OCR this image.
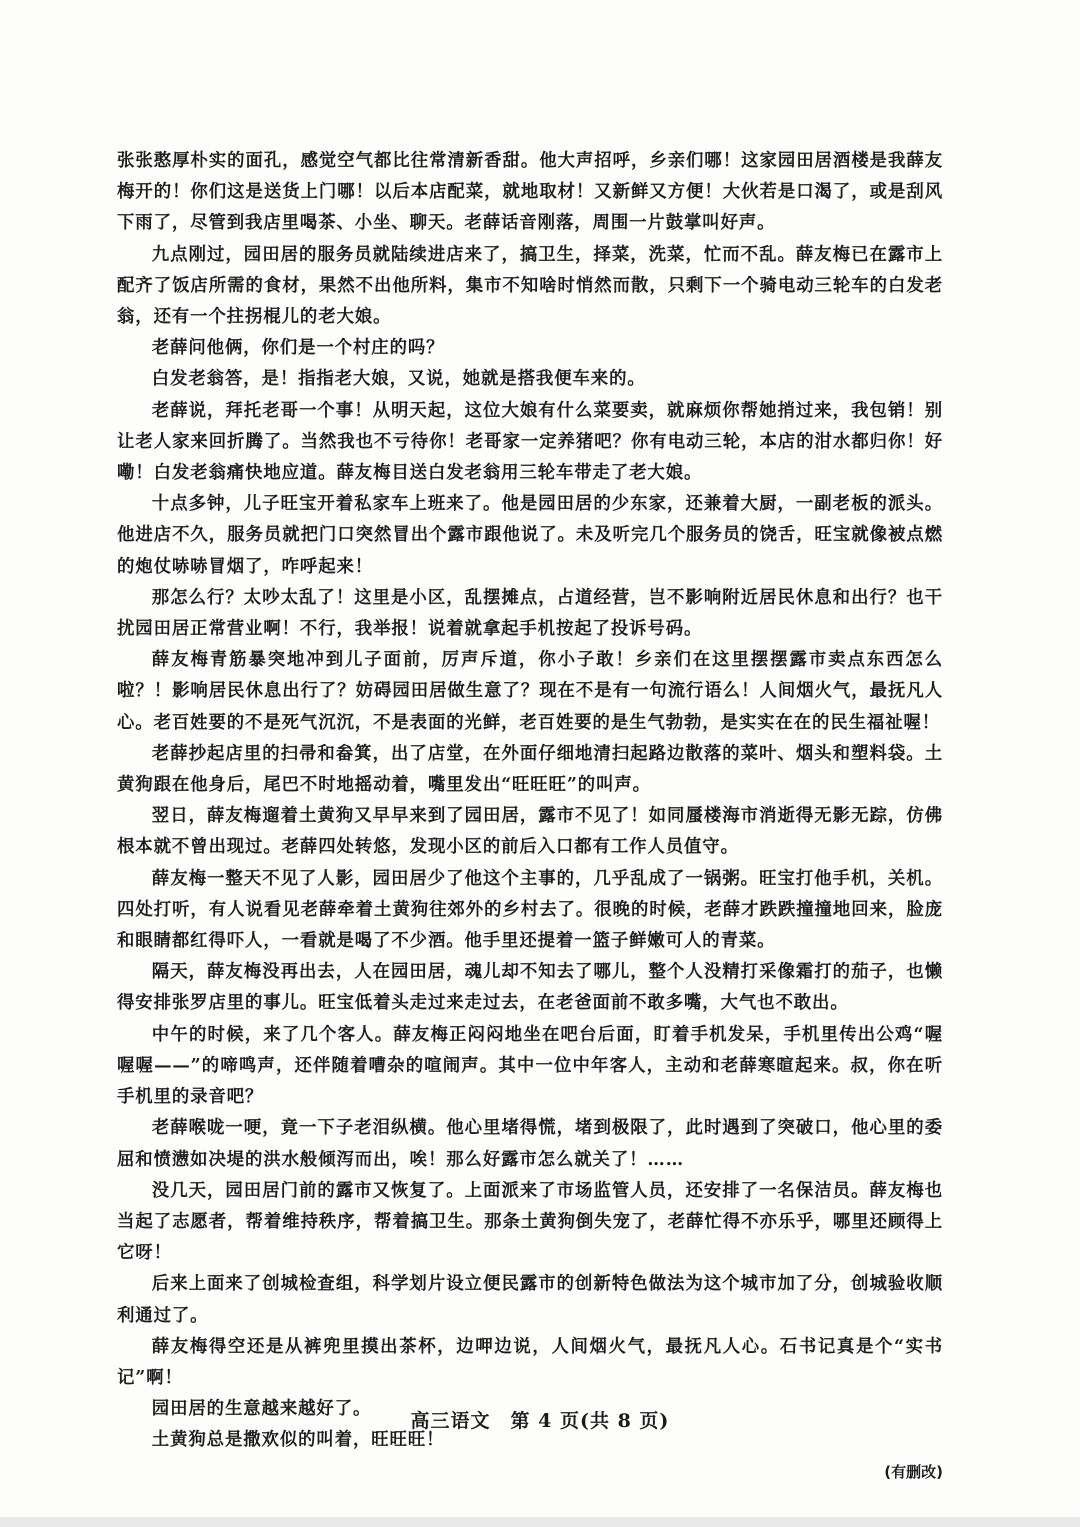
张张憨厚朴实的面孔，感觉空气都比往常清新香甜。他大声招呼，乡亲们哪！这家园田居酒楼是我薛友梅开的！你们这是送货上门哪！以后本店配菜，就地取材！又新鲜又方便！大伙若是口渴了，或是刮风下雨了，尽管到我店里喝茶、小坐、聊天。老薛话音刚落，周围一片鼓掌叫好声。

九点刚过，园田居的服务员就陆续进店来了，搞卫生，择菜，洗菜，忙而不乱。薛友梅已在露市上配齐了饭店所需的食材，果然不出他所料，集市不知啥时悄然而散，只剩下一个骑电动三轮车的白发老翁，还有一个拄拐棍儿的老大娘。

老薛问他俩，你们是一个村庄的吗？

白发老翁答，是！指指老大娘，又说，她就是搭我便车来的。

老薛说，拜托老哥一个事！从明天起，这位大娘有什么菜要卖，就麻烦你帮她捎过来，我包销！别让老人家来回折腾了。当然我也不亏待你！老哥家一定养猪吧？你有电动三轮，本店的泔水都归你！好嘞！白发老翁痛快地应道。薛友梅目送白发老翁用三轮车带走了老大娘。

十点多钟，儿子旺宝开着私家车上班来了。他是园田居的少东家，还兼着大厨，一副老板的派头。他进店不久，服务员就把门口突然冒出个露市跟他说了。未及听完几个服务员的饶舌，旺宝就像被点燃的炮仗哧哧冒烟了，咋呼起来！

那怎么行？太吵太乱了！这里是小区，乱摆摊点，占道经营，岂不影响附近居民休息和出行？也干扰园田居正常营业啊！不行，我举报！说着就拿起手机按起了投诉号码。

薛友梅青筋暴突地冲到儿子面前，厉声斥道，你小子敢！乡亲们在这里摆摆露市卖点东西怎么啦？！影响居民休息出行了？妨碍园田居做生意了？现在不是有一句流行语么！人间烟火气，最抚凡人心。老百姓要的不是死气沉沉，不是表面的光鲜，老百姓要的是生气勃勃，是实实在在的民生福祉喔！

老薛抄起店里的扫帚和畚箕，出了店堂，在外面仔细地清扫起路边散落的菜叶、烟头和塑料袋。土黄狗跟在他身后，尾巴不时地摇动着，嘴里发出“旺旺旺”的叫声。

翌日，薛友梅遛着土黄狗又早早来到了园田居，露市不见了！如同蜃楼海市消逝得无影无踪，仿佛根本就不曾出现过。老薛四处转悠，发现小区的前后入口都有工作人员值守。

薛友梅一整天不见了人影，园田居少了他这个主事的，几乎乱成了一锅粥。旺宝打他手机，关机。四处打听，有人说看见老薛牵着土黄狗往郊外的乡村去了。很晚的时候，老薛才跌跌撞撞地回来，脸庞和眼睛都红得吓人，一看就是喝了不少酒。他手里还提着一篮子鲜嫩可人的青菜。

隔天，薛友梅没再出去，人在园田居，魂儿却不知去了哪儿，整个人没精打采像霜打的茄子，也懒得安排张罗店里的事儿。旺宝低着头走过来走过去，在老爸面前不敢多嘴，大气也不敢出。

中午的时候，来了几个客人。薛友梅正闷闷地坐在吧台后面，盯着手机发呆，手机里传出公鸡“喔喔喔——”的啼鸣声，还伴随着嘈杂的喧闹声。其中一位中年客人，主动和老薛寒暄起来。叔，你在听手机里的录音吧？

老薛喉咙一哽，竟一下子老泪纵横。他心里堵得慌，堵到极限了，此时遇到了突破口，他心里的委屈和愤懑如决堤的洪水般倾泻而出，唉！那么好露市怎么就关了！……

没几天，园田居门前的露市又恢复了。上面派来了市场监管人员，还安排了一名保洁员。薛友梅也当起了志愿者，帮着维持秩序，帮着搞卫生。那条土黄狗倒失宠了，老薛忙得不亦乐乎，哪里还顾得上它呀！

后来上面来了创城检查组，科学划片设立便民露市的创新特色做法为这个城市加了分，创城验收顺利通过了。

薛友梅得空还是从裤兜里摸出茶杯，边呷边说，人间烟火气，最抚凡人心。石书记真是个“实书记”啊！

园田居的生意越来越好了。

土黄狗总是撒欢似的叫着，旺旺旺！

(有删改)

高三语文　第 4 页(共 8 页)
